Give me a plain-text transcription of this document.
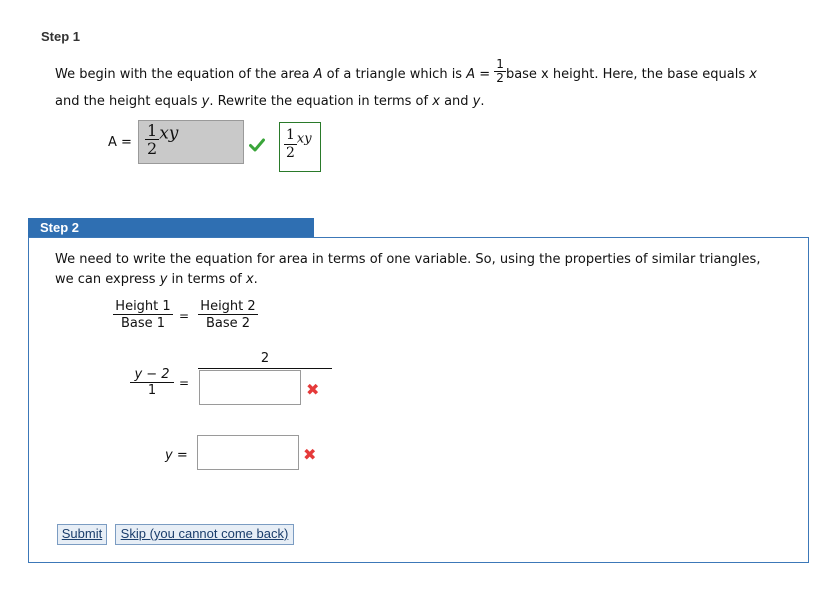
Step 1
We begin with the equation of the area A of a triangle which is $A = \frac{1}{2}$ base x height. Here, the base equals x
and the height equals y. Rewrite the equation in terms of x and y.
$A = \frac{1}{2}$ xy	$\frac{1}{2}$ xy
Step 2
We need to write the equation for area in terms of one variable. So, using the properties of similar triangles,
we can express y in terms of x.
Height 1
Base 1	=
Height 2
Base 2
y − 2
1	=
2
✖
y =	✖
Submit	Skip (you cannot come back)
